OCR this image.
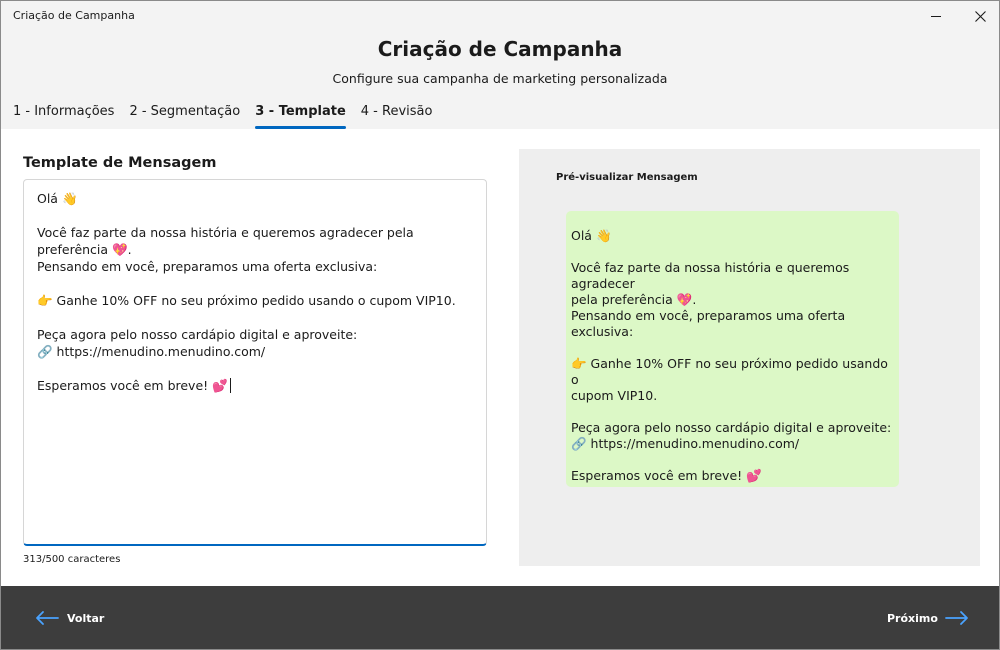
Criação de Campanha
Criação de Campanha
Configure sua campanha de marketing personalizada
1 - Informações 2 - Segmentação 3 - Template 4 - Revisão
Template de Mensagem
Olá 👋

Você faz parte da nossa história e queremos agradecer pela preferência 💖.
Pensando em você, preparamos uma oferta exclusiva:

👉 Ganhe 10% OFF no seu próximo pedido usando o cupom VIP10.

Peça agora pelo nosso cardápio digital e aproveite:
🔗 https://menudino.menudino.com/

Esperamos você em breve! 💕
313/500 caracteres
Pré-visualizar Mensagem
Olá 👋

Você faz parte da nossa história e queremos agradecer
pela preferência 💖.
Pensando em você, preparamos uma oferta exclusiva:

👉 Ganhe 10% OFF no seu próximo pedido usando o
cupom VIP10.

Peça agora pelo nosso cardápio digital e aproveite:
🔗 https://menudino.menudino.com/

Esperamos você em breve! 💕
Voltar	Próximo
